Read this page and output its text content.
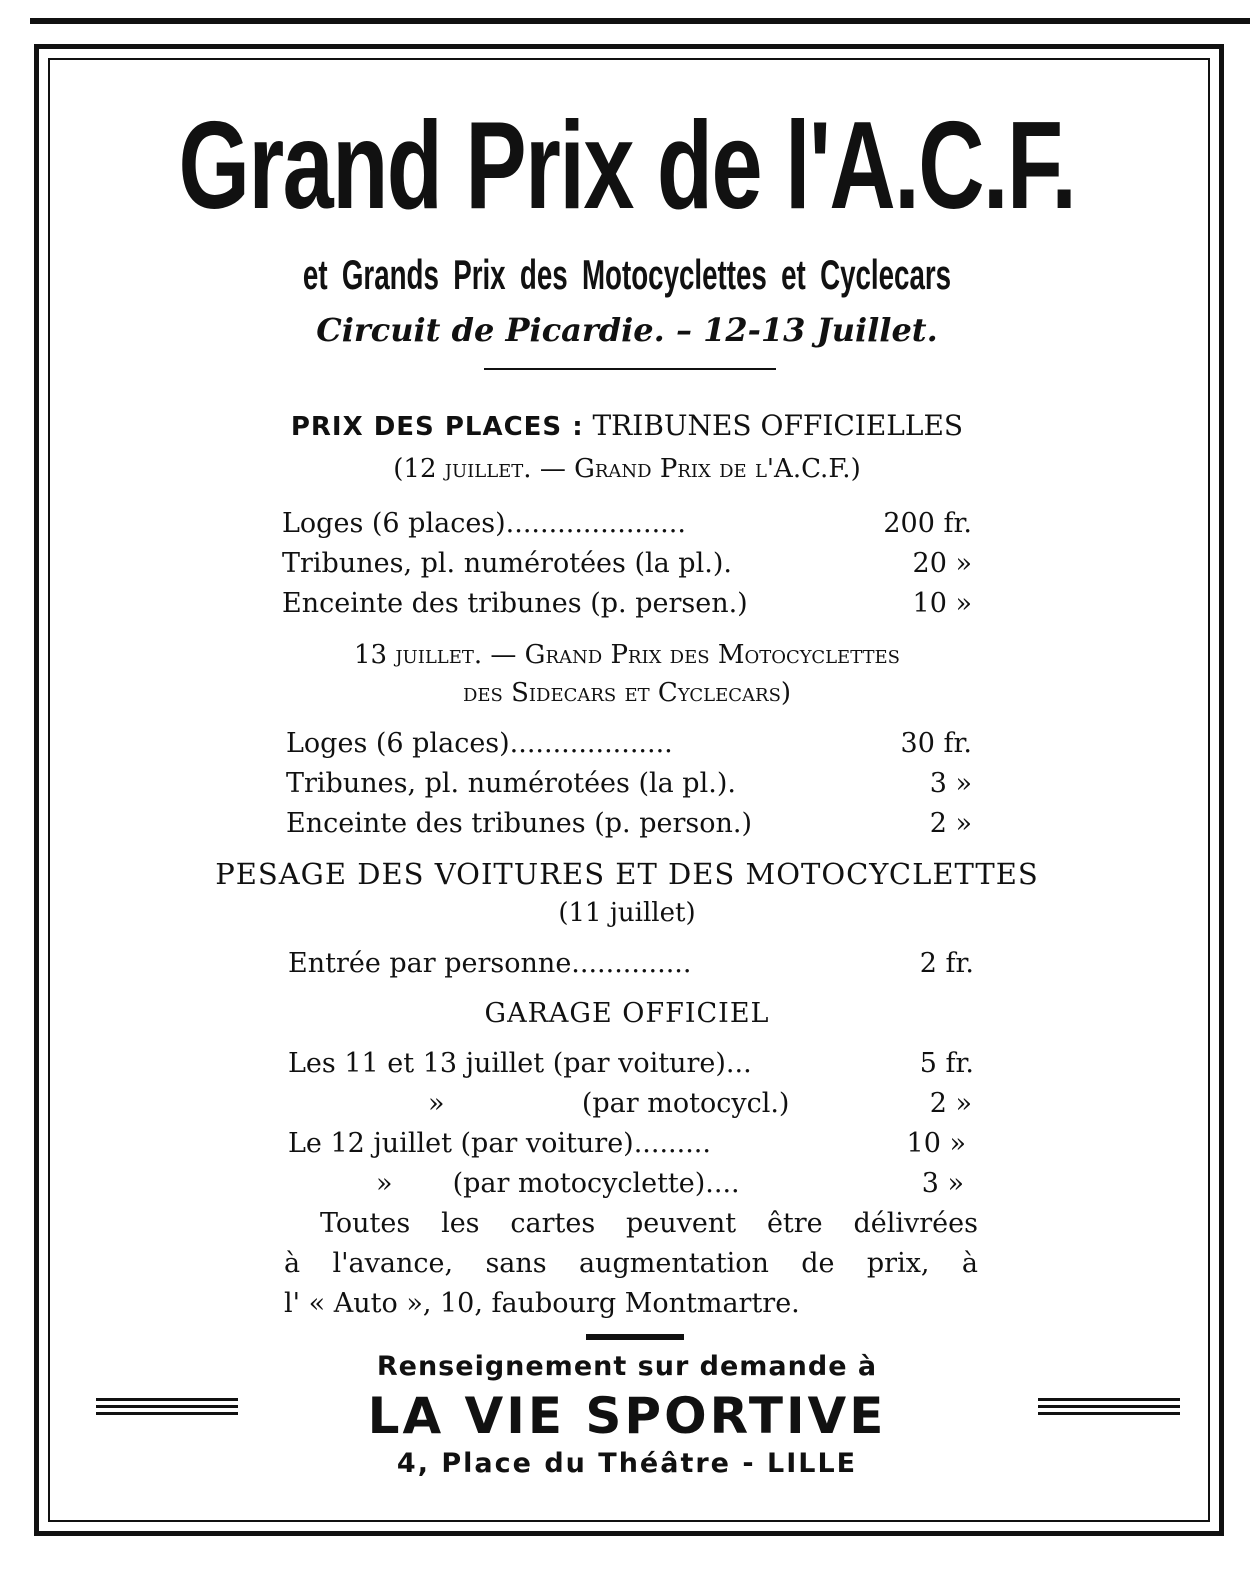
Grand Prix de l'A.C.F.
et Grands Prix des Motocyclettes et Cyclecars
Circuit de Picardie. – 12-13 Juillet.
PRIX DES PLACES : TRIBUNES OFFICIELLES
(12 juillet. — Grand Prix de l'A.C.F.)
Loges (6 places).....................	200 fr.
Tribunes, pl. numérotées (la pl.).	20 »
Enceinte des tribunes (p. persen.)	10 »
13 juillet. — Grand Prix des Motocyclettes
des Sidecars et Cyclecars)
Loges (6 places)...................	30 fr.
Tribunes, pl. numérotées (la pl.).	3 »
Enceinte des tribunes (p. person.)	2 »
PESAGE DES VOITURES ET DES MOTOCYCLETTES
(11 juillet)
Entrée par personne..............	2 fr.
GARAGE OFFICIEL
Les 11 et 13 juillet (par voiture)...	5 fr.
»                (par motocycl.)	2 »
Le 12 juillet (par voiture).........	10 »
»       (par motocyclette)....	3 »
Toutes les cartes peuvent être délivrées
à l'avance, sans augmentation de prix, à
l' « Auto », 10, faubourg Montmartre.
Renseignement sur demande à
LA VIE SPORTIVE
4, Place du Théâtre - LILLE
